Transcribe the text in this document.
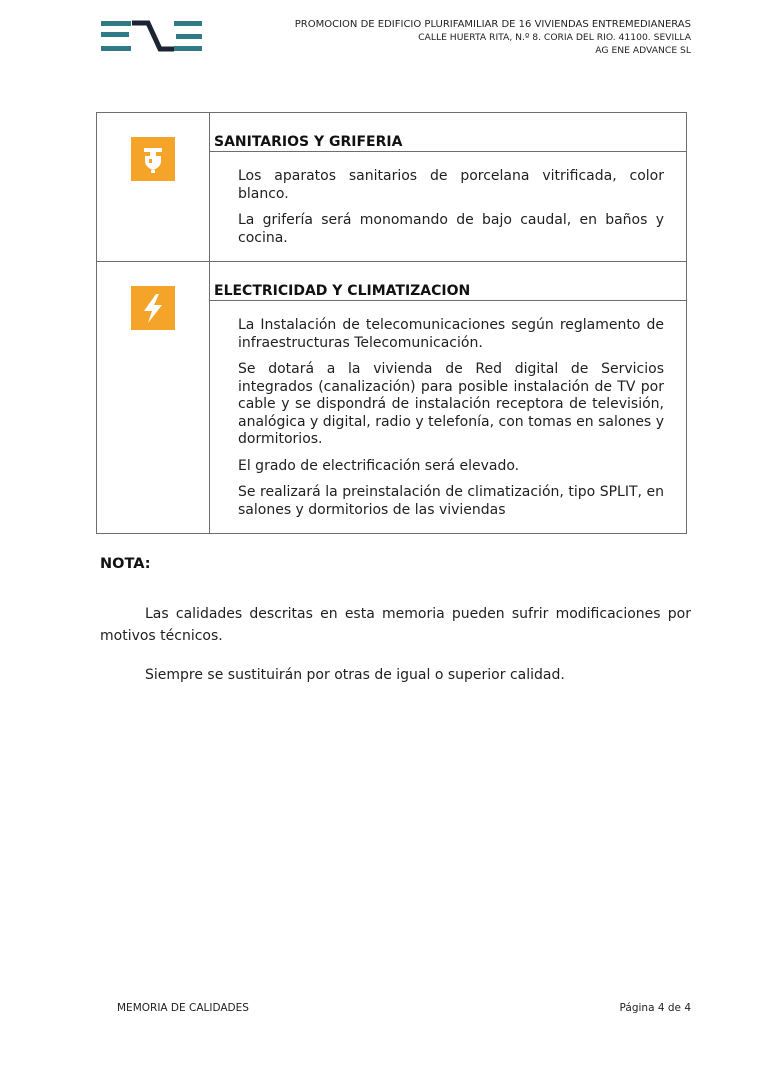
PROMOCION DE EDIFICIO PLURIFAMILIAR DE 16 VIVIENDAS ENTREMEDIANERAS
CALLE HUERTA RITA, N.º 8. CORIA DEL RIO. 41100. SEVILLA
AG ENE ADVANCE SL

SANITARIOS Y GRIFERIA

Los aparatos sanitarios de porcelana vitrificada, color blanco.

La grifería será monomando de bajo caudal, en baños y cocina.

ELECTRICIDAD Y CLIMATIZACION

La Instalación de telecomunicaciones según reglamento de infraestructuras Telecomunicación.

Se dotará a la vivienda de Red digital de Servicios integrados (canalización) para posible instalación de TV por cable y se dispondrá de instalación receptora de televisión, analógica y digital, radio y telefonía, con tomas en salones y dormitorios.

El grado de electrificación será elevado.

Se realizará la preinstalación de climatización, tipo SPLIT, en salones y dormitorios de las viviendas

NOTA:
Las calidades descritas en esta memoria pueden sufrir modificaciones por motivos técnicos.
Siempre se sustituirán por otras de igual o superior calidad.
MEMORIA DE CALIDADES	Página 4 de 4
